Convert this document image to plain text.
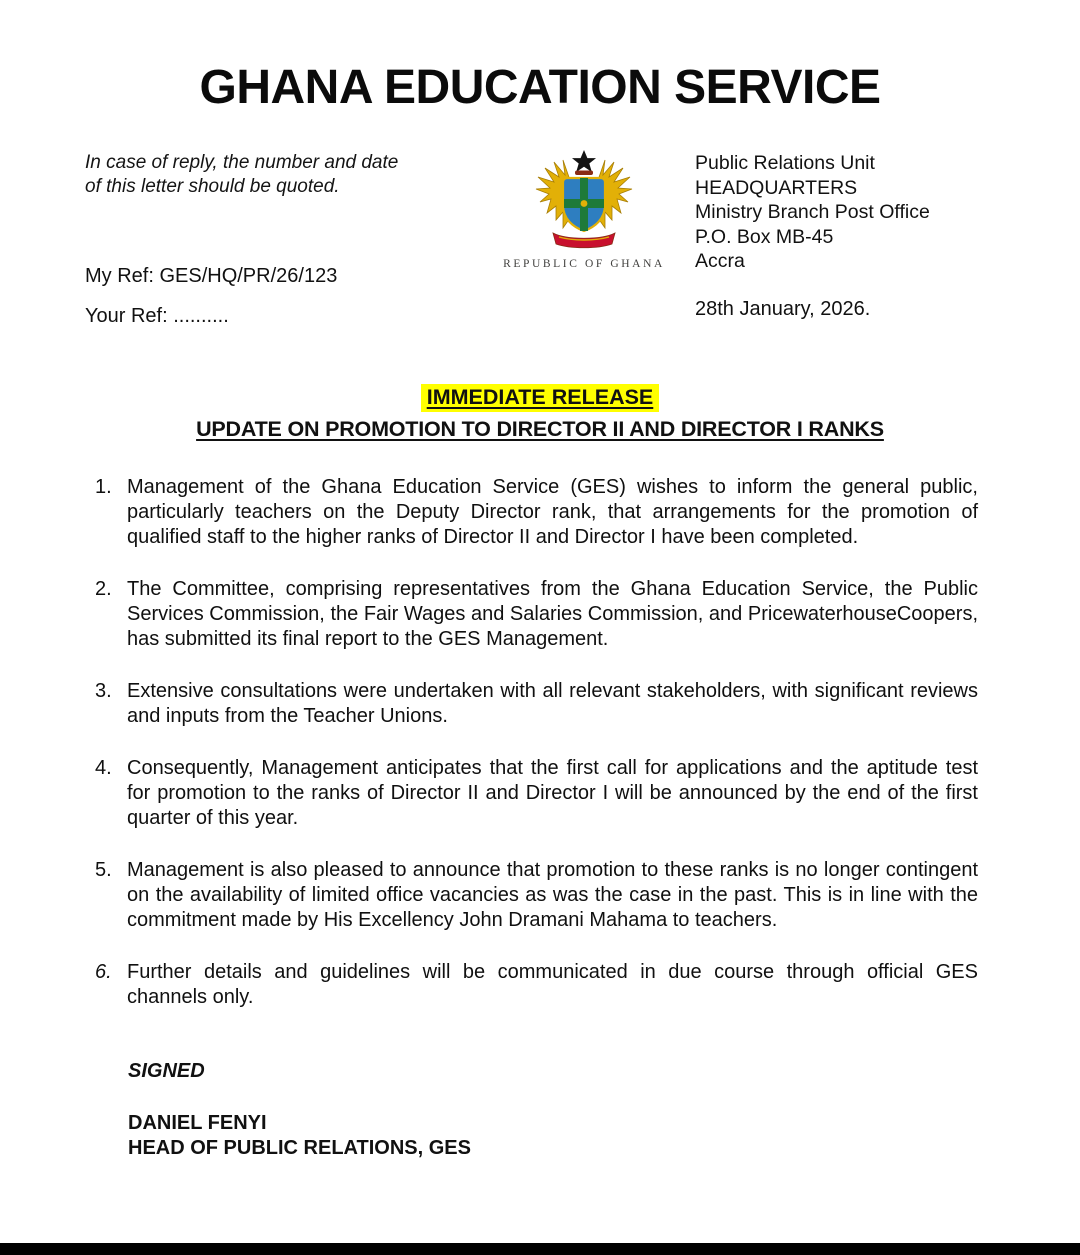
GHANA EDUCATION SERVICE

In case of reply, the number and date of this letter should be quoted.

My Ref: GES/HQ/PR/26/123

Your Ref: ..........

REPUBLIC OF GHANA
Public Relations Unit
HEADQUARTERS
Ministry Branch Post Office
P.O. Box MB-45
Accra
28th January, 2026.
IMMEDIATE RELEASE
UPDATE ON PROMOTION TO DIRECTOR II AND DIRECTOR I RANKS
1. Management of the Ghana Education Service (GES) wishes to inform the general public, particularly teachers on the Deputy Director rank, that arrangements for the promotion of qualified staff to the higher ranks of Director II and Director I have been completed.
2. The Committee, comprising representatives from the Ghana Education Service, the Public Services Commission, the Fair Wages and Salaries Commission, and PricewaterhouseCoopers, has submitted its final report to the GES Management.
3. Extensive consultations were undertaken with all relevant stakeholders, with significant reviews and inputs from the Teacher Unions.
4. Consequently, Management anticipates that the first call for applications and the aptitude test for promotion to the ranks of Director II and Director I will be announced by the end of the first quarter of this year.
5. Management is also pleased to announce that promotion to these ranks is no longer contingent on the availability of limited office vacancies as was the case in the past. This is in line with the commitment made by His Excellency John Dramani Mahama to teachers.
6. Further details and guidelines will be communicated in due course through official GES channels only.

SIGNED

DANIEL FENYI

HEAD OF PUBLIC RELATIONS, GES
